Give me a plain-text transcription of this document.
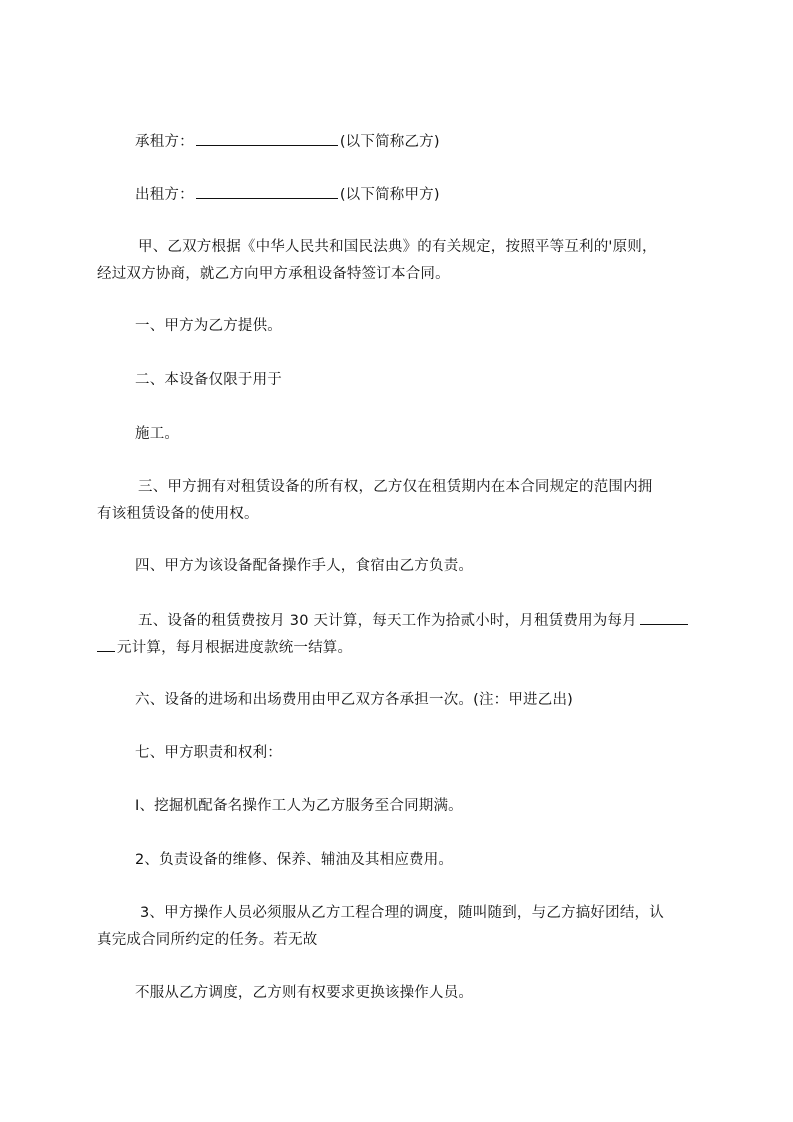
承租方：	(以下简称乙方)
出租方：	(以下简称甲方)
甲、乙双方根据《中华人民共和国民法典》的有关规定，按照平等互利的'原则，
经过双方协商，就乙方向甲方承租设备特签订本合同。
一、甲方为乙方提供。
二、本设备仅限于用于
施工。
三、甲方拥有对租赁设备的所有权，乙方仅在租赁期内在本合同规定的范围内拥
有该租赁设备的使用权。
四、甲方为该设备配备操作手人，食宿由乙方负责。
五、设备的租赁费按月 30 天计算，每天工作为拾贰小时，月租赁费用为每月
元计算，每月根据进度款统一结算。
六、设备的进场和出场费用由甲乙双方各承担一次。(注：甲进乙出)
七、甲方职责和权利：
I、挖掘机配备名操作工人为乙方服务至合同期满。
2、负责设备的维修、保养、辅油及其相应费用。
3、甲方操作人员必须服从乙方工程合理的调度，随叫随到，与乙方搞好团结，认
真完成合同所约定的任务。若无故
不服从乙方调度，乙方则有权要求更换该操作人员。
